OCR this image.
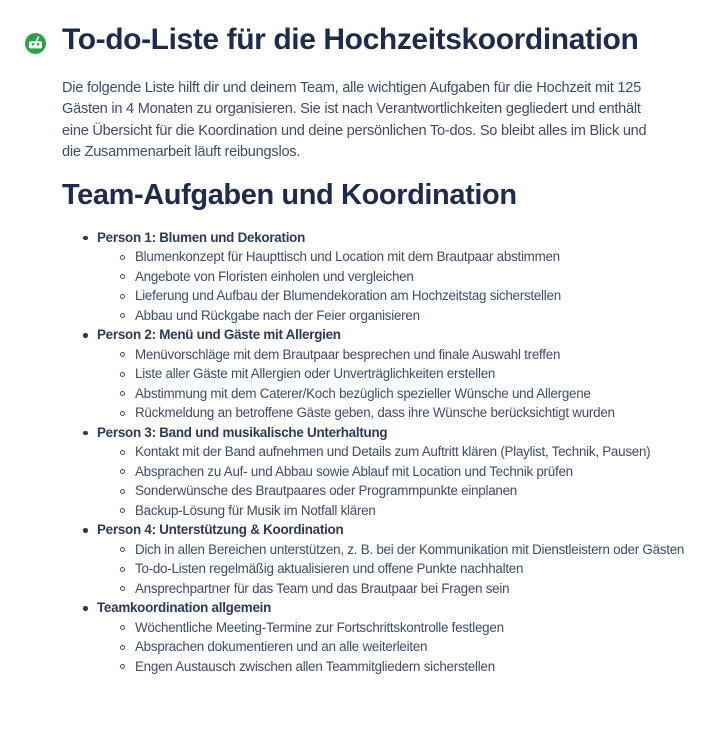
To-do-Liste für die Hochzeitskoordination

Die folgende Liste hilft dir und deinem Team, alle wichtigen Aufgaben für die Hochzeit mit 125 Gästen in 4 Monaten zu organisieren. Sie ist nach Verantwortlichkeiten gegliedert und enthält eine Übersicht für die Koordination und deine persönlichen To-dos. So bleibt alles im Blick und die Zusammenarbeit läuft reibungslos.

Team-Aufgaben und Koordination
Person 1: Blumen und Dekoration
Blumenkonzept für Haupttisch und Location mit dem Brautpaar abstimmen
Angebote von Floristen einholen und vergleichen
Lieferung und Aufbau der Blumendekoration am Hochzeitstag sicherstellen
Abbau und Rückgabe nach der Feier organisieren
Person 2: Menü und Gäste mit Allergien
Menüvorschläge mit dem Brautpaar besprechen und finale Auswahl treffen
Liste aller Gäste mit Allergien oder Unverträglichkeiten erstellen
Abstimmung mit dem Caterer/Koch bezüglich spezieller Wünsche und Allergene
Rückmeldung an betroffene Gäste geben, dass ihre Wünsche berücksichtigt wurden
Person 3: Band und musikalische Unterhaltung
Kontakt mit der Band aufnehmen und Details zum Auftritt klären (Playlist, Technik, Pausen)
Absprachen zu Auf- und Abbau sowie Ablauf mit Location und Technik prüfen
Sonderwünsche des Brautpaares oder Programmpunkte einplanen
Backup-Lösung für Musik im Notfall klären
Person 4: Unterstützung & Koordination
Dich in allen Bereichen unterstützen, z. B. bei der Kommunikation mit Dienstleistern oder Gästen
To-do-Listen regelmäßig aktualisieren und offene Punkte nachhalten
Ansprechpartner für das Team und das Brautpaar bei Fragen sein
Teamkoordination allgemein
Wöchentliche Meeting-Termine zur Fortschrittskontrolle festlegen
Absprachen dokumentieren und an alle weiterleiten
Engen Austausch zwischen allen Teammitgliedern sicherstellen
